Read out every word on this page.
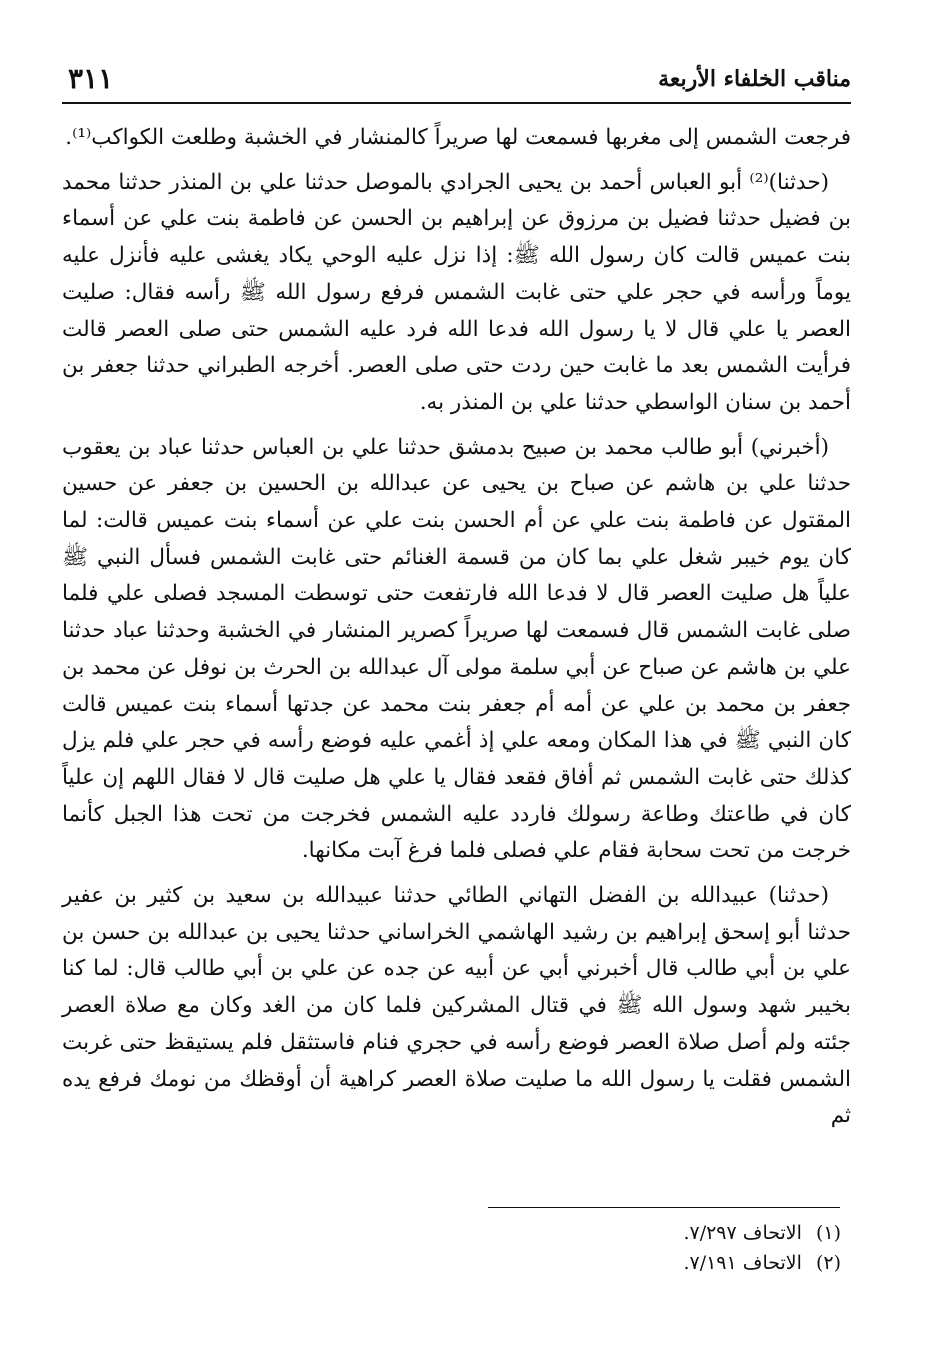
مناقب الخلفاء الأربعة
٣١١

فرجعت الشمس إلى مغربها فسمعت لها صريراً كالمنشار في الخشبة وطلعت الكواكب⁽¹⁾.

(حدثنا)⁽²⁾ أبو العباس أحمد بن يحيى الجرادي بالموصل حدثنا علي بن المنذر حدثنا محمد بن فضيل حدثنا فضيل بن مرزوق عن إبراهيم بن الحسن عن فاطمة بنت علي عن أسماء بنت عميس قالت كان رسول الله ﷺ: إذا نزل عليه الوحي يكاد يغشى عليه فأنزل عليه يوماً ورأسه في حجر علي حتى غابت الشمس فرفع رسول الله ﷺ رأسه فقال: صليت العصر يا علي قال لا يا رسول الله فدعا الله فرد عليه الشمس حتى صلى العصر قالت فرأيت الشمس بعد ما غابت حين ردت حتى صلى العصر. أخرجه الطبراني حدثنا جعفر بن أحمد بن سنان الواسطي حدثنا علي بن المنذر به.

(أخبرني) أبو طالب محمد بن صبيح بدمشق حدثنا علي بن العباس حدثنا عباد بن يعقوب حدثنا علي بن هاشم عن صباح بن يحيى عن عبدالله بن الحسين بن جعفر عن حسين المقتول عن فاطمة بنت علي عن أم الحسن بنت علي عن أسماء بنت عميس قالت: لما كان يوم خيبر شغل علي بما كان من قسمة الغنائم حتى غابت الشمس فسأل النبي ﷺ علياً هل صليت العصر قال لا فدعا الله فارتفعت حتى توسطت المسجد فصلى علي فلما صلى غابت الشمس قال فسمعت لها صريراً كصرير المنشار في الخشبة وحدثنا عباد حدثنا علي بن هاشم عن صباح عن أبي سلمة مولى آل عبدالله بن الحرث بن نوفل عن محمد بن جعفر بن محمد بن علي عن أمه أم جعفر بنت محمد عن جدتها أسماء بنت عميس قالت كان النبي ﷺ في هذا المكان ومعه علي إذ أغمي عليه فوضع رأسه في حجر علي فلم يزل كذلك حتى غابت الشمس ثم أفاق فقعد فقال يا علي هل صليت قال لا فقال اللهم إن علياً كان في طاعتك وطاعة رسولك فاردد عليه الشمس فخرجت من تحت هذا الجبل كأنما خرجت من تحت سحابة فقام علي فصلى فلما فرغ آبت مكانها.

(حدثنا) عبيدالله بن الفضل التهاني الطائي حدثنا عبيدالله بن سعيد بن كثير بن عفير حدثنا أبو إسحق إبراهيم بن رشيد الهاشمي الخراساني حدثنا يحيى بن عبدالله بن حسن بن علي بن أبي طالب قال أخبرني أبي عن أبيه عن جده عن علي بن أبي طالب قال: لما كنا بخيبر شهد وسول الله ﷺ في قتال المشركين فلما كان من الغد وكان مع صلاة العصر جئته ولم أصل صلاة العصر فوضع رأسه في حجري فنام فاستثقل فلم يستيقظ حتى غربت الشمس فقلت يا رسول الله ما صليت صلاة العصر كراهية أن أوقظك من نومك فرفع يده ثم

(١)
الاتحاف ٧/٢٩٧.
(٢)
الاتحاف ٧/١٩١.
